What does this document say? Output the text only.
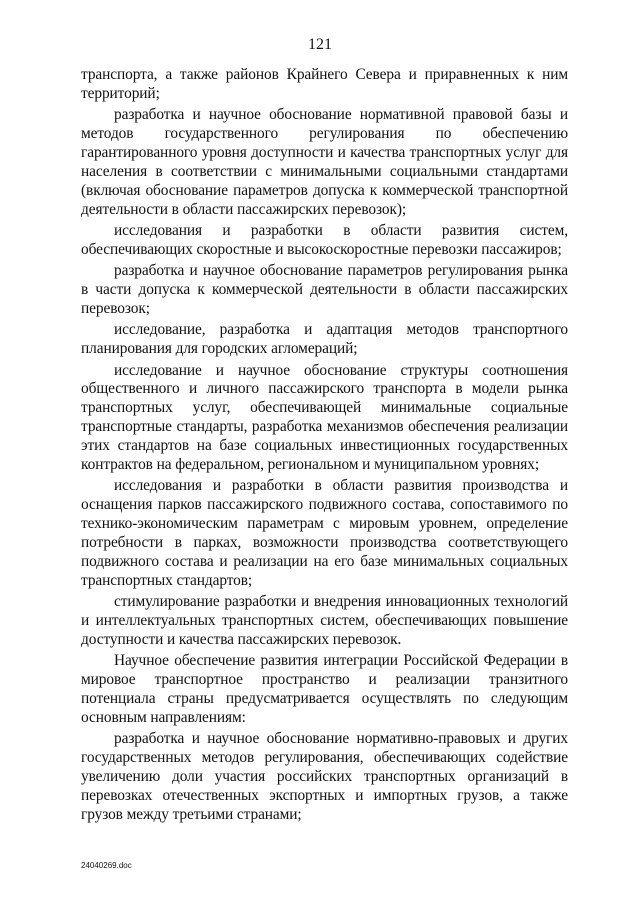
121

транспорта, а также районов Крайнего Севера и приравненных к ним территорий;

разработка и научное обоснование нормативной правовой базы и методов государственного регулирования по обеспечению гарантированного уровня доступности и качества транспортных услуг для населения в соответствии с минимальными социальными стандартами (включая обоснование параметров допуска к коммерческой транспортной деятельности в области пассажирских перевозок);

исследования и разработки в области развития систем, обеспечивающих скоростные и высокоскоростные перевозки пассажиров;

разработка и научное обоснование параметров регулирования рынка в части допуска к коммерческой деятельности в области пассажирских перевозок;

исследование, разработка и адаптация методов транспортного планирования для городских агломераций;

исследование и научное обоснование структуры соотношения общественного и личного пассажирского транспорта в модели рынка транспортных услуг, обеспечивающей минимальные социальные транспортные стандарты, разработка механизмов обеспечения реализации этих стандартов на базе социальных инвестиционных государственных контрактов на федеральном, региональном и муниципальном уровнях;

исследования и разработки в области развития производства и оснащения парков пассажирского подвижного состава, сопоставимого по технико-экономическим параметрам с мировым уровнем, определение потребности в парках, возможности производства соответствующего подвижного состава и реализации на его базе минимальных социальных транспортных стандартов;

стимулирование разработки и внедрения инновационных технологий и интеллектуальных транспортных систем, обеспечивающих повышение доступности и качества пассажирских перевозок.

Научное обеспечение развития интеграции Российской Федерации в мировое транспортное пространство и реализации транзитного потенциала страны предусматривается осуществлять по следующим основным направлениям:

разработка и научное обоснование нормативно-правовых и других государственных методов регулирования, обеспечивающих содействие увеличению доли участия российских транспортных организаций в перевозках отечественных экспортных и импортных грузов, а также грузов между третьими странами;

24040269.doc
